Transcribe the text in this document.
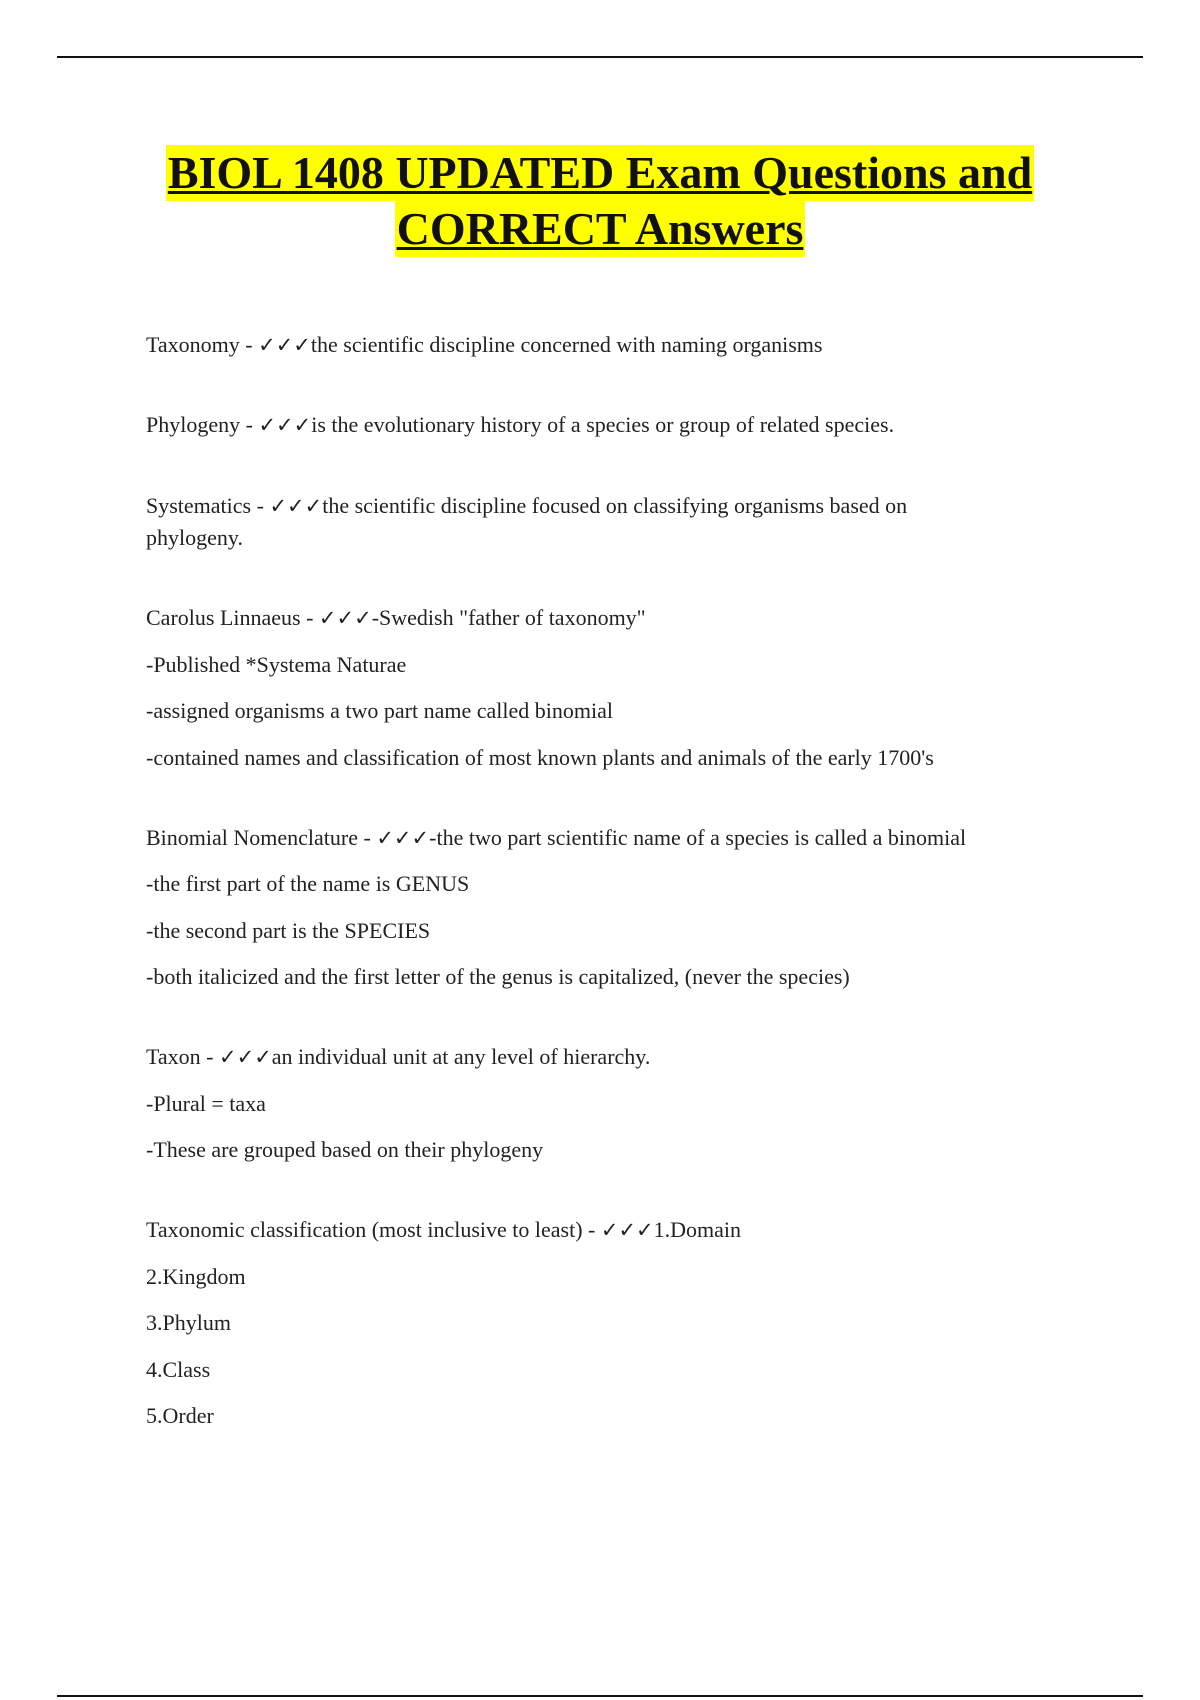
BIOL 1408 UPDATED Exam Questions and
CORRECT Answers
Taxonomy - ✓✓✓the scientific discipline concerned with naming organisms
Phylogeny - ✓✓✓is the evolutionary history of a species or group of related species.
Systematics - ✓✓✓the scientific discipline focused on classifying organisms based on
phylogeny.
Carolus Linnaeus - ✓✓✓-Swedish "father of taxonomy"
-Published *Systema Naturae
-assigned organisms a two part name called binomial
-contained names and classification of most known plants and animals of the early 1700's
Binomial Nomenclature - ✓✓✓-the two part scientific name of a species is called a binomial
-the first part of the name is GENUS
-the second part is the SPECIES
-both italicized and the first letter of the genus is capitalized, (never the species)
Taxon - ✓✓✓an individual unit at any level of hierarchy.
-Plural = taxa
-These are grouped based on their phylogeny
Taxonomic classification (most inclusive to least) - ✓✓✓1.Domain
2.Kingdom
3.Phylum
4.Class
5.Order
